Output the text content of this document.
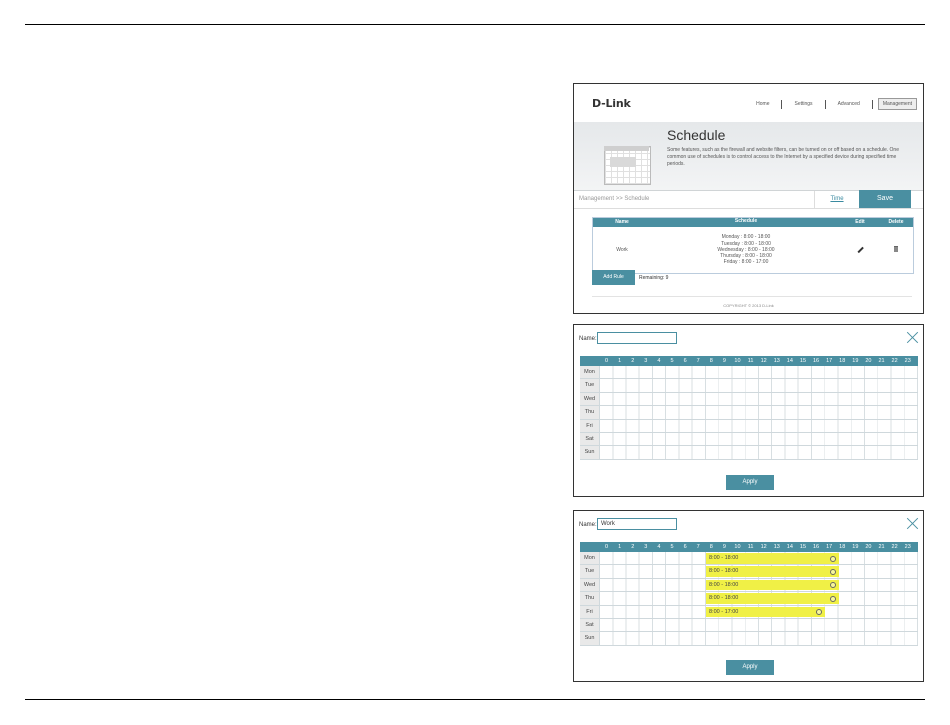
D-Link	Home	Settings	Advanced	Management
Schedule
Some features, such as the firewall and website filters, can be turned on or off based on a schedule. One common use of schedules is to control access to the Internet by a specified device during specified time periods.
Management >> Schedule	Time	Save
Name	Schedule	Edit	Delete
Work
Monday : 8:00 - 18:00
Tuesday : 8:00 - 18:00
Wednesday : 8:00 - 18:00
Thursday : 8:00 - 18:00
Friday : 8:00 - 17:00
Add Rule	Remaining: 9
COPYRIGHT © 2013 D-Link
Name:
0	1	2	3	4	5	6	7	8	9	10	11	12	13	14	15	16	17	18	19	20	21	22	23
Mon
Tue
Wed
Thu
Fri
Sat
Sun
Apply
Name: Work
0	1	2	3	4	5	6	7	8	9	10	11	12	13	14	15	16	17	18	19	20	21	22	23
Mon	8:00 - 18:00
Tue	8:00 - 18:00
Wed	8:00 - 18:00
Thu	8:00 - 18:00
Fri	8:00 - 17:00
Sat
Sun
Apply
